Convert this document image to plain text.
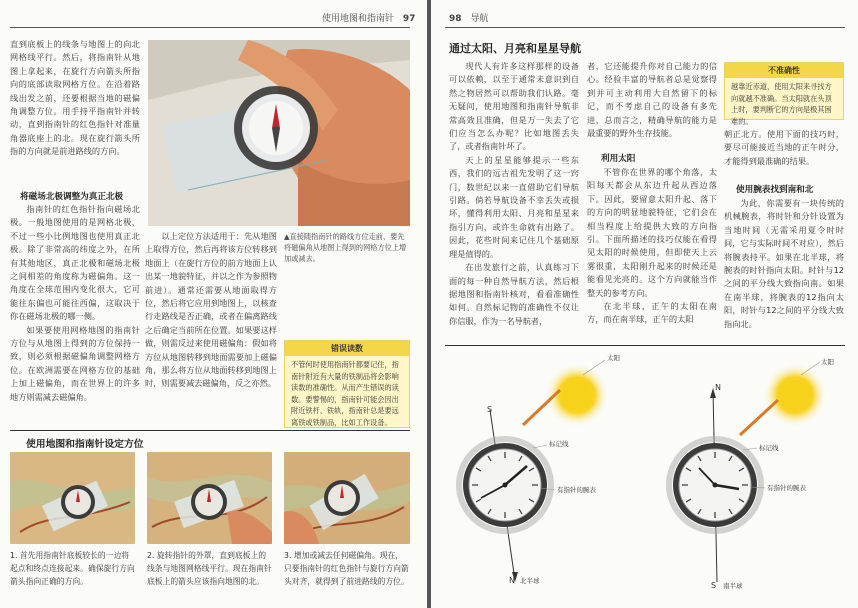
使用地图和指南针 97

直到底板上的线条与地图上的向北网格线平行。然后，将指南针从地图上拿起来，在旋行方向箭头所指向的底部读取网格方位。在沿着路线出发之前，还要根据当地的磁偏角调整方位。用手持平指南针并转动，直到指南针的红色指针对准量角器底座上的北。现在旋行箭头所指的方向就是前进路线的方向。

将磁场北极调整为真正北极

指南针的红色指针指向磁场北极。一般地图使用的是网格北极，不过一些小比例地图也使用真正北极。除了非常高的纬度之外，在所有其他地区，真正北极和磁场北极之间相差的角度称为磁偏角。这一角度在全球范围内变化很大，它可能往东偏也可能往西偏，这取决于你在磁场北极的哪一侧。

如果要使用网格地图的指南针方位与从地图上得到的方位保持一致，则必须根据磁偏角调整网格方位。在欧洲需要在网格方位的基础上加上磁偏角，而在世界上的许多地方则需减去磁偏角。

以上定位方法适用于：先从地图上取得方位，然后再将该方位转移到地面上（在旋行方位的前方地面上认出某一地貌特征，并以之作为参照物前进）。通常还需要从地面取得方位，然后将它应用到地图上，以核查行走路线是否正确，或者在偏离路线之后确定当前所在位置。如果要这样做，则需反过来使用磁偏角：假如将方位从地图转移到地面需要加上磁偏角，那么将方位从地面转移到地图上时，则需要减去磁偏角，反之亦然。

▲直接随指南针的路线方位走前，要先将磁偏角从地图上得到的网格方位上增加或减去。
错误读数
不管何时使用指南针都要记住，指南针附近有大量的铁制品将会影响读数的准确性。从而产生错误的读数。要警惕的，指南针可能会因出附近铁杆、铁轨，指南针总是要远离铁或铁制品，比如工作设备。
使用地图和指南针设定方位
1. 首先用指南针底板较长的一边将起点和终点连接起来。确保旋行方向箭头指向正确的方向。
2. 旋转指针的外罩，直到底板上的线条与地图网格线平行。现在指南针底板上的箭头应该指向地图的北。
3. 增加或减去任何磁偏角。现在，只要指南针的红色指针与旋行方向箭头对齐，就得到了前进路线的方位。
98 导航
通过太阳、月亮和星星导航

现代人有许多这样那样的设备可以依赖，以至于通常未意识到自然之物居然可以帮助我们认路。毫无疑问，使用地图和指南针导航非常高效且准确，但是万一失去了它们应当怎么办呢？比如地图丢失了，或者指南针坏了。

天上的星星能够提示一些东西，我们的远古祖先发明了这一窍门，数世纪以来一直借助它们导航引路。倘若导航设备不幸丢失或损坏，懂得利用太阳、月亮和星星来指引方向，或许生命就有出路了。因此，花些时间来记住几个基础原理是值得的。

在出发旅行之前，认真练习下面的每一种自然导航方法，然后根据地图和指南针核对，看看准确性如何。自然标记物的准确性不仅让你信服，作为一名导航者，

者，它还能提升你对自己能力的信心。经验丰富的导航者总是觉察得到并可主动利用大自然留下的标记，而不考虑自己的设备有多先进，总而言之，精确导航的能力是最重要的野外生存技能。

利用太阳

不管你在世界的哪个角落，太阳每天都会从东边升起从西边落下。因此，要留意太阳升起、落下的方向的明显地貌特征，它们会在相当程度上给提供大致的方向指引。下面所描述的技巧仅能在看得见太阳的时候使用，但即使天上云雾很重，太阳刚升起来的时候还是能看见光亮的。这个方向就能当作整天的参考方向。

在北半球，正午的太阳在南方，而在南半球，正午的太阳

不准确性
越靠近赤道，使用太阳来寻找方向就越不准确。当太阳就在头顶上时，要判断它的方向是极其困难的。

朝正北方。使用下面的技巧时，要尽可能接近当地的正午时分，才能得到最准确的结果。

使用腕表找到南和北

为此，你需要有一块传统的机械腕表，将时针和分针设置为当地时间（无需采用夏令时时间，它与实际时间不对应），然后将腕表持平。如果在北半球，将腕表的时针指向太阳。时针与12之间的平分线大致指向南。如果在南半球，将腕表的12指向太阳，时针与12之间的平分线大致指向北。

S
N 北半球
太阳
标记线
有指针的腕表
N
S 南半球
太阳
标记线
有指针的腕表
